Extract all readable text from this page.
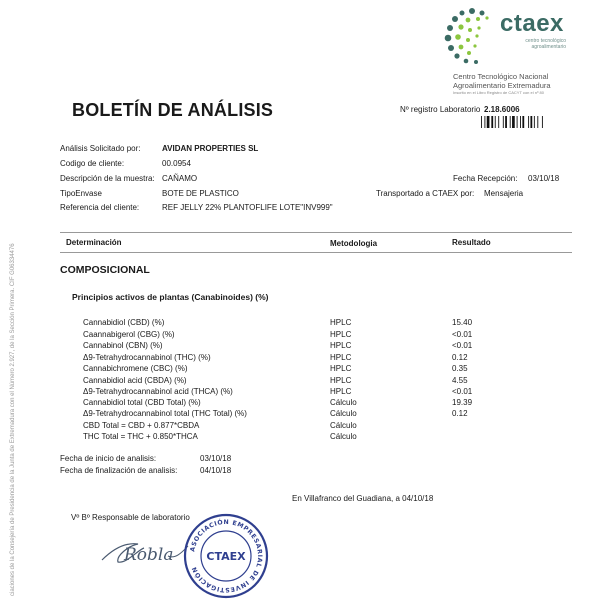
ctaex
centro tecnológico agroalimentario
Centro Tecnológico Nacional Agroalimentario Extremadura
Inscrito en el Libro Registro de CACYT con el nº 80
BOLETÍN DE ANÁLISIS	Nº registro Laboratorio 2.18.6006
Análisis Solicitado por:	AVIDAN PROPERTIES SL
Codigo de cliente:	00.0954
Descripción de la muestra: CAÑAMO	Fecha Recepción: 03/10/18
TipoEnvase	BOTE DE PLASTICO	Transportado a CTAEX por: Mensajeria
Referencia del cliente:	REF JELLY 22% PLANTOFLIFE LOTE"INV999"
Determinación	Metodologia	Resultado
COMPOSICIONAL
Principios activos de plantas (Canabinoides) (%)
Cannabidiol (CBD) (%)	HPLC	15.40
Caannabigerol (CBG) (%)	HPLC	<0.01
Cannabinol (CBN) (%)	HPLC	<0.01
Δ9-Tetrahydrocannabinol (THC) (%)	HPLC	0.12
Cannabichromene (CBC) (%)	HPLC	0.35
Cannabidiol acid (CBDA) (%)	HPLC	4.55
Δ9-Tetrahydrocannabinol acid (THCA) (%)	HPLC	<0.01
Cannabidiol total (CBD Total) (%)	Cálculo	19.39
Δ9-Tetrahydrocannabinol total (THC Total) (%)	Cálculo	0.12
CBD Total = CBD + 0.877*CBDA	Cálculo
THC Total = THC + 0.850*THCA	Cálculo
Fecha de inicio de analisis:	03/10/18
Fecha de finalización de analisis:	04/10/18
En Villafranco del Guadiana, a 04/10/18
Vº Bº Responsable de laboratorio
Robla	ASOCIACIÓN EMPRESARIAL DE INVESTIGACIÓN
CTAEX
ciaciones de la Consejería de Presidencia de la Junta de Extremadura con el Número 2.927, de la Sección Primera. CIF G06334476
